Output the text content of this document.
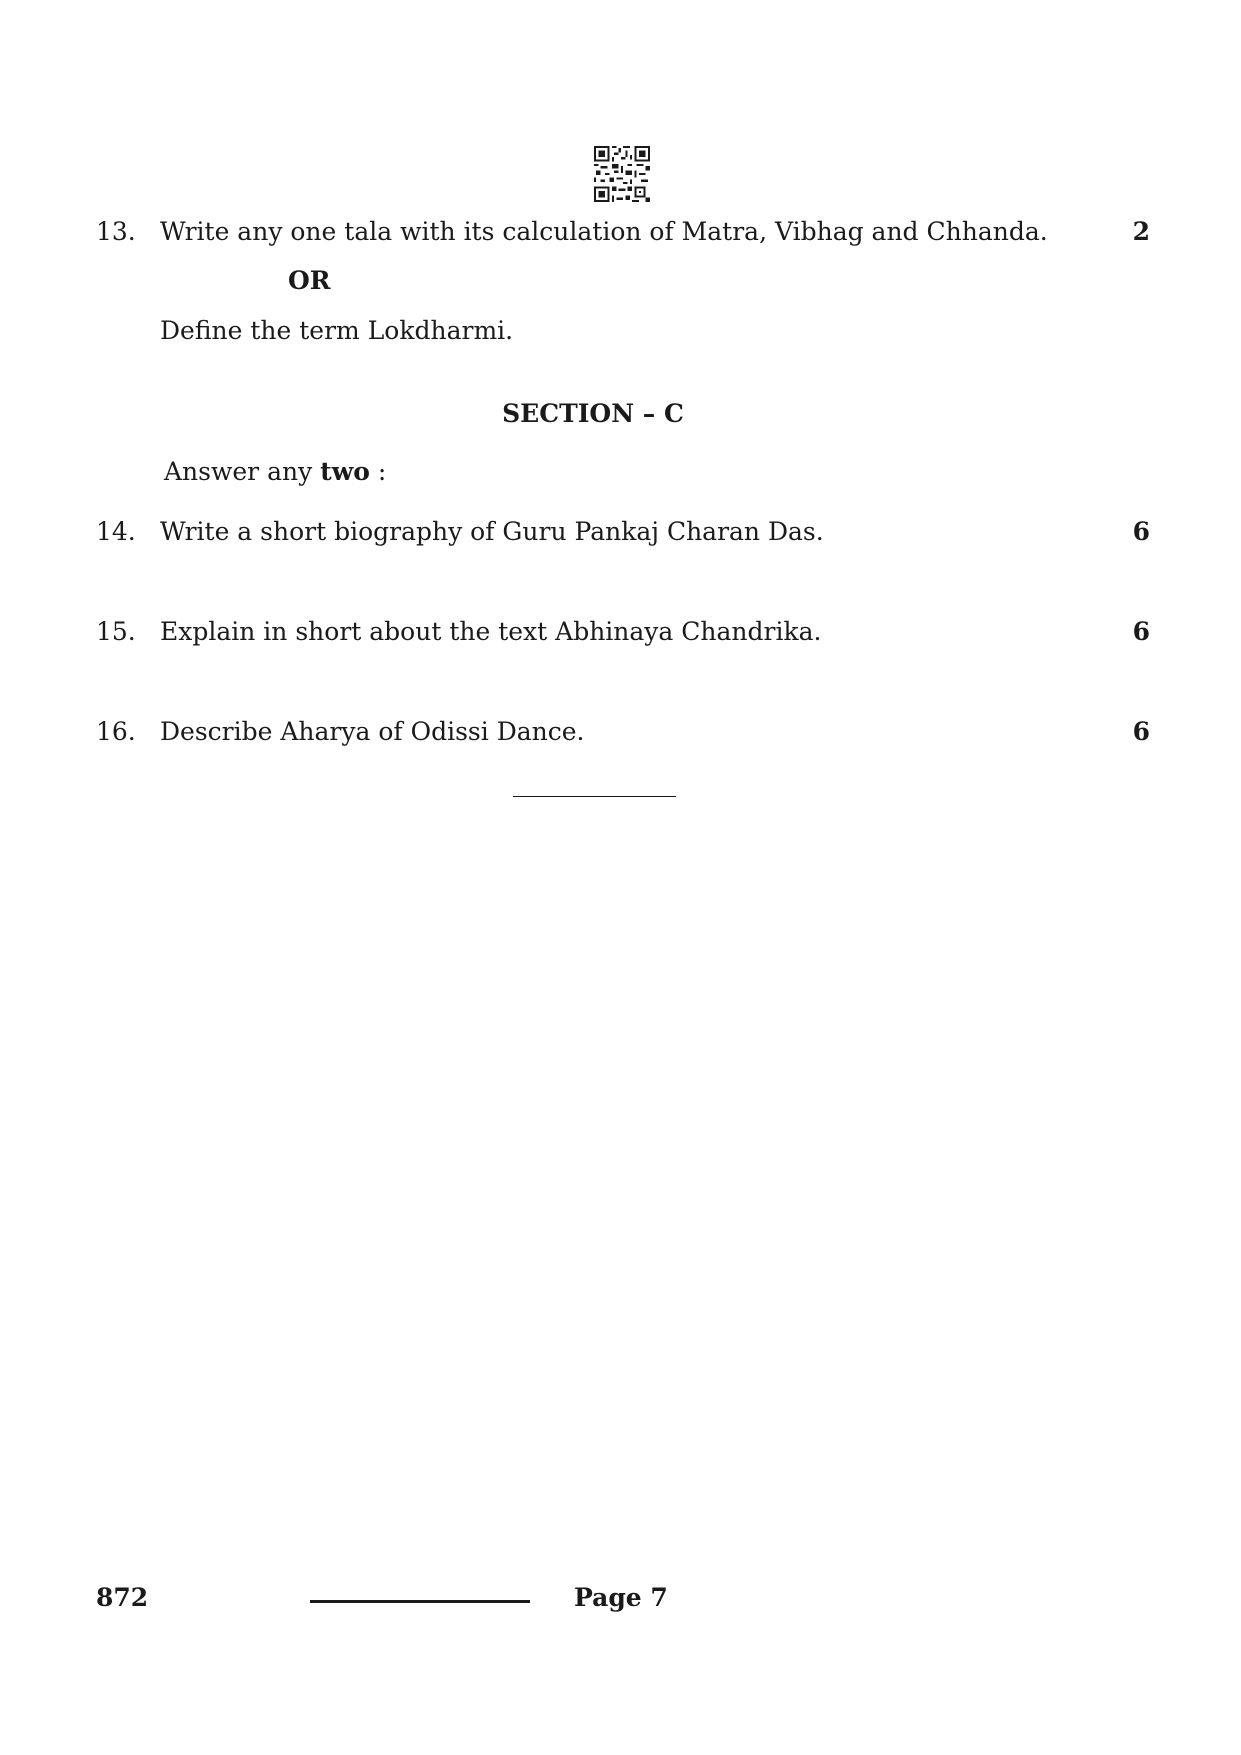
13. Write any one tala with its calculation of Matra, Vibhag and Chhanda.	2
OR
Define the term Lokdharmi.
SECTION – C
Answer any two :
14. Write a short biography of Guru Pankaj Charan Das.	6
15. Explain in short about the text Abhinaya Chandrika.	6
16. Describe Aharya of Odissi Dance.	6
872	Page 7
